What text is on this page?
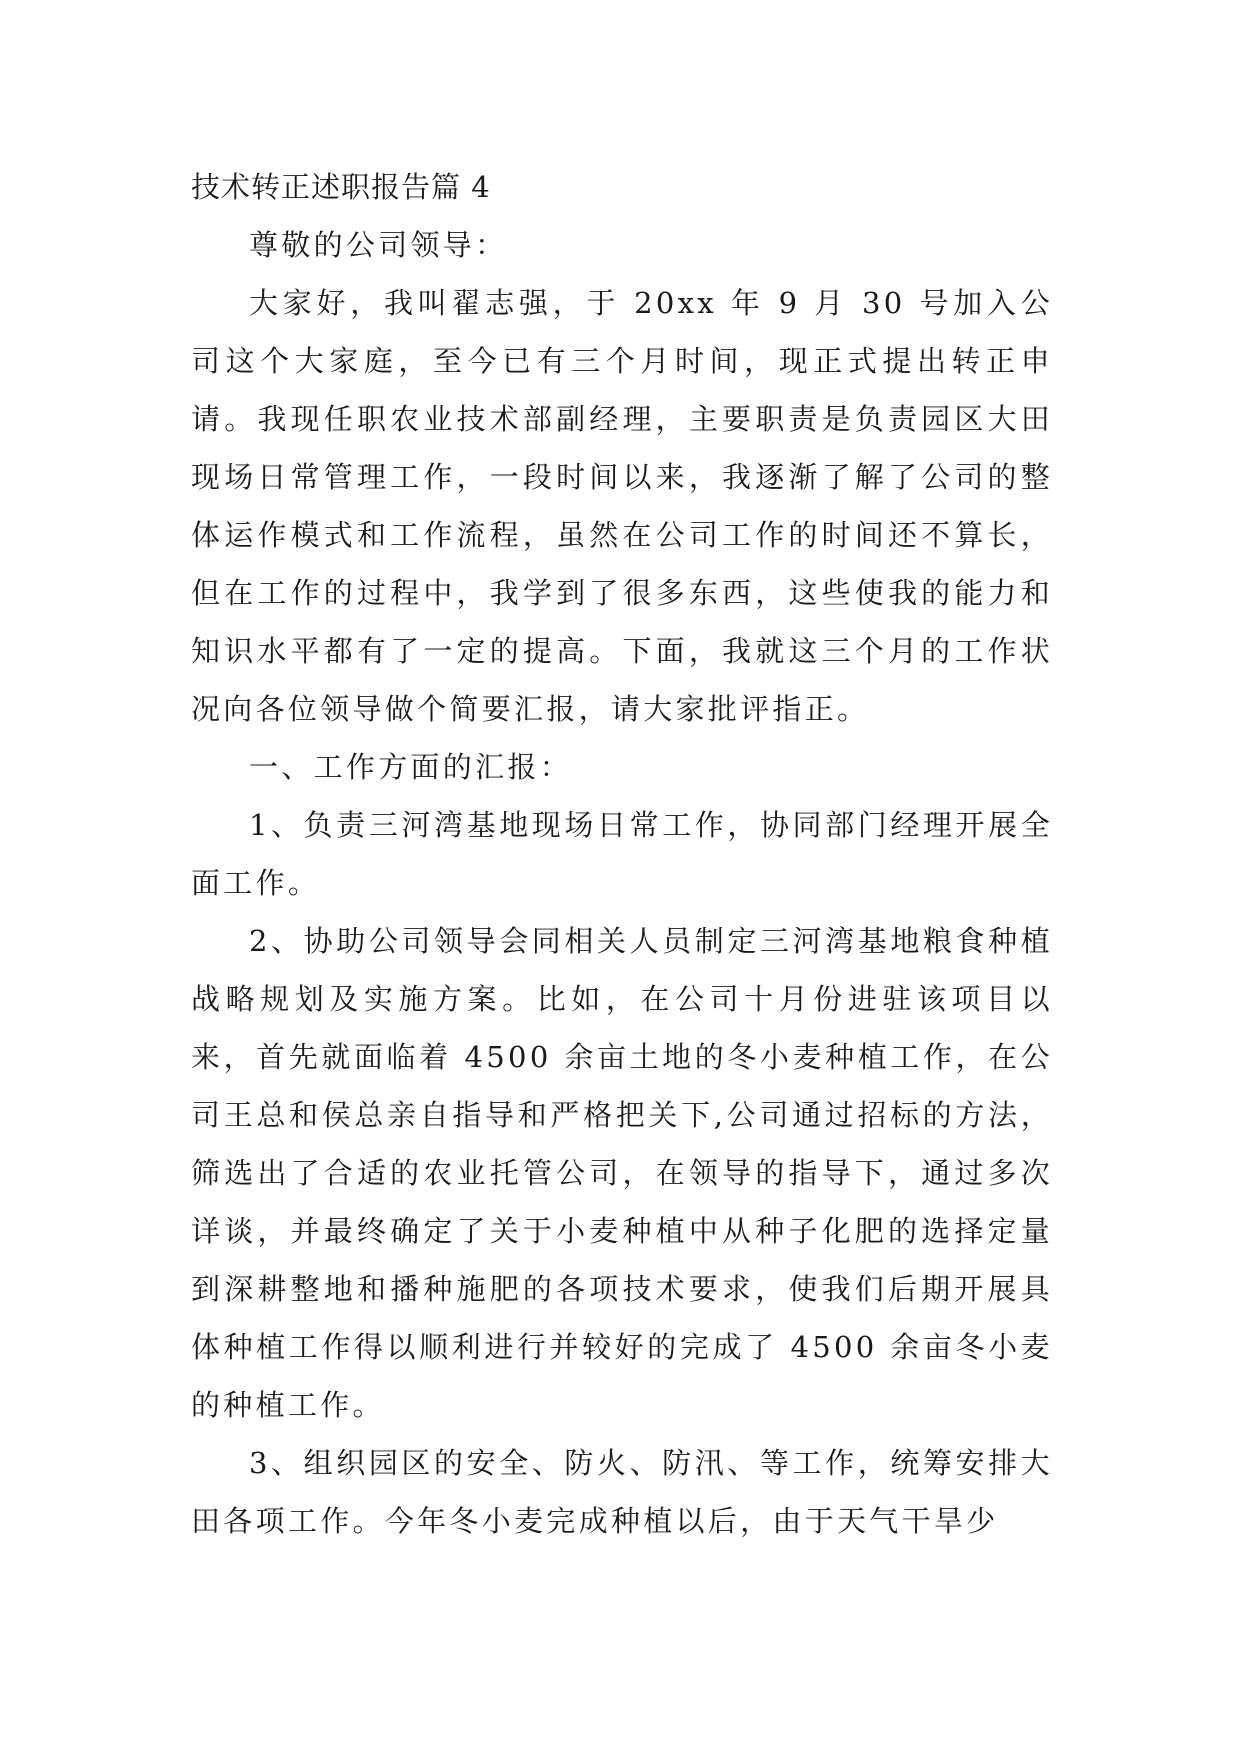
技术转正述职报告篇 4

尊敬的公司领导：

大家好，我叫翟志强，于 20xx 年 9 月 30 号加入公司这个大家庭，至今已有三个月时间，现正式提出转正申请。我现任职农业技术部副经理，主要职责是负责园区大田现场日常管理工作，一段时间以来，我逐渐了解了公司的整体运作模式和工作流程，虽然在公司工作的时间还不算长，但在工作的过程中，我学到了很多东西，这些使我的能力和知识水平都有了一定的提高。下面，我就这三个月的工作状况向各位领导做个简要汇报，请大家批评指正。

一、工作方面的汇报：

1、负责三河湾基地现场日常工作，协同部门经理开展全面工作。

2、协助公司领导会同相关人员制定三河湾基地粮食种植战略规划及实施方案。比如，在公司十月份进驻该项目以来，首先就面临着 4500 余亩土地的冬小麦种植工作，在公司王总和侯总亲自指导和严格把关下,公司通过招标的方法，筛选出了合适的农业托管公司，在领导的指导下，通过多次详谈，并最终确定了关于小麦种植中从种子化肥的选择定量到深耕整地和播种施肥的各项技术要求，使我们后期开展具体种植工作得以顺利进行并较好的完成了 4500 余亩冬小麦的种植工作。

3、组织园区的安全、防火、防汛、等工作，统筹安排大田各项工作。今年冬小麦完成种植以后，由于天气干旱少
